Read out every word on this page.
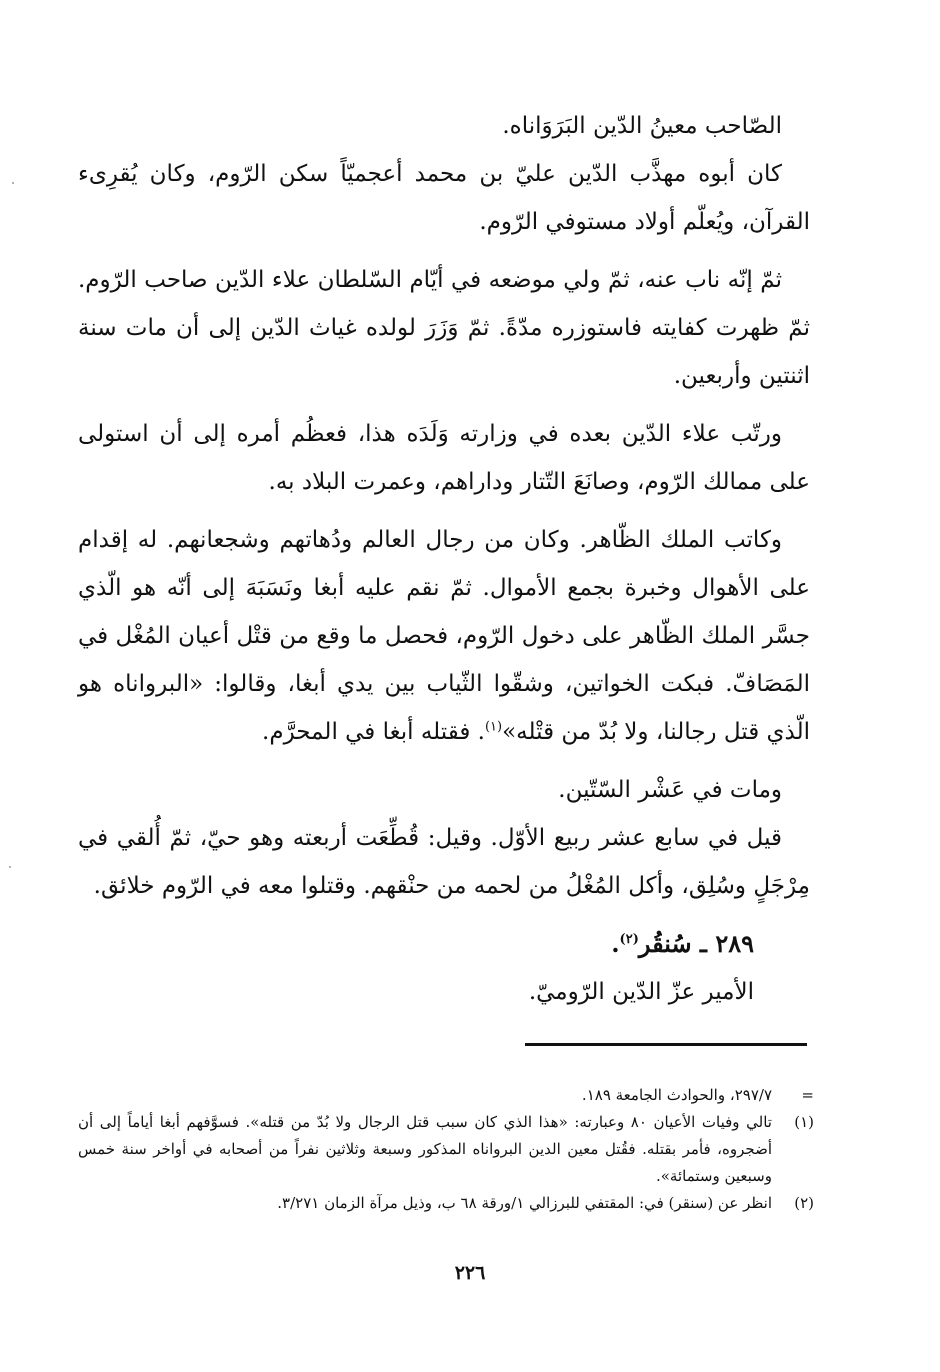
الصّاحب معينُ الدّين البَرَوَاناه.

كان أبوه مهذَّب الدّين عليّ بن محمد أعجميّاً سكن الرّوم، وكان يُقرِىء القرآن، ويُعلّم أولاد مستوفي الرّوم.

ثمّ إنّه ناب عنه، ثمّ ولي موضعه في أيّام السّلطان علاء الدّين صاحب الرّوم. ثمّ ظهرت كفايته فاستوزره مدّةً. ثمّ وَزَرَ لولده غياث الدّين إلى أن مات سنة اثنتين وأربعين.

ورتّب علاء الدّين بعده في وزارته وَلَدَه هذا، فعظُم أمره إلى أن استولى على ممالك الرّوم، وصانَعَ التّتار وداراهم، وعمرت البلاد به.

وكاتب الملك الظّاهر. وكان من رجال العالم ودُهاتهم وشجعانهم. له إقدام على الأهوال وخبرة بجمع الأموال. ثمّ نقم عليه أبغا ونَسَبَهَ إلى أنّه هو الّذي جسَّر الملك الظّاهر على دخول الرّوم، فحصل ما وقع من قتْل أعيان المُغْل في المَصَافّ. فبكت الخواتين، وشقّوا الثّياب بين يدي أبغا، وقالوا: «البرواناه هو الّذي قتل رجالنا، ولا بُدّ من قتْله»$^{(١)}$. فقتله أبغا في المحرَّم.

ومات في عَشْر السّتّين.

قيل في سابع عشر ربيع الأوّل. وقيل: قُطِّعَت أربعته وهو حيّ، ثمّ أُلقي في مِرْجَلٍ وسُلِق، وأكل المُغْلُ من لحمه من حنْقهم. وقتلوا معه في الرّوم خلائق.

٢٨٩ ـ سُنقُر$^{(٢)}$.

الأمير عزّ الدّين الرّوميّ.

=
٢٩٧/٧، والحوادث الجامعة ١٨٩.
(١)
تالي وفيات الأعيان ٨٠ وعبارته: «هذا الذي كان سبب قتل الرجال ولا بُدّ من قتله». فسوَّفهم أبغا أياماً إلى أن أضجروه، فأمر بقتله. فقُتل معين الدين البرواناه المذكور وسبعة وثلاثين نفراً من أصحابه في أواخر سنة خمس وسبعين وستمائة».
(٢)
انظر عن (سنقر) في: المقتفي للبرزالي ١/ورقة ٦٨ ب، وذيل مرآة الزمان ٣/٢٧١.
٢٢٦
